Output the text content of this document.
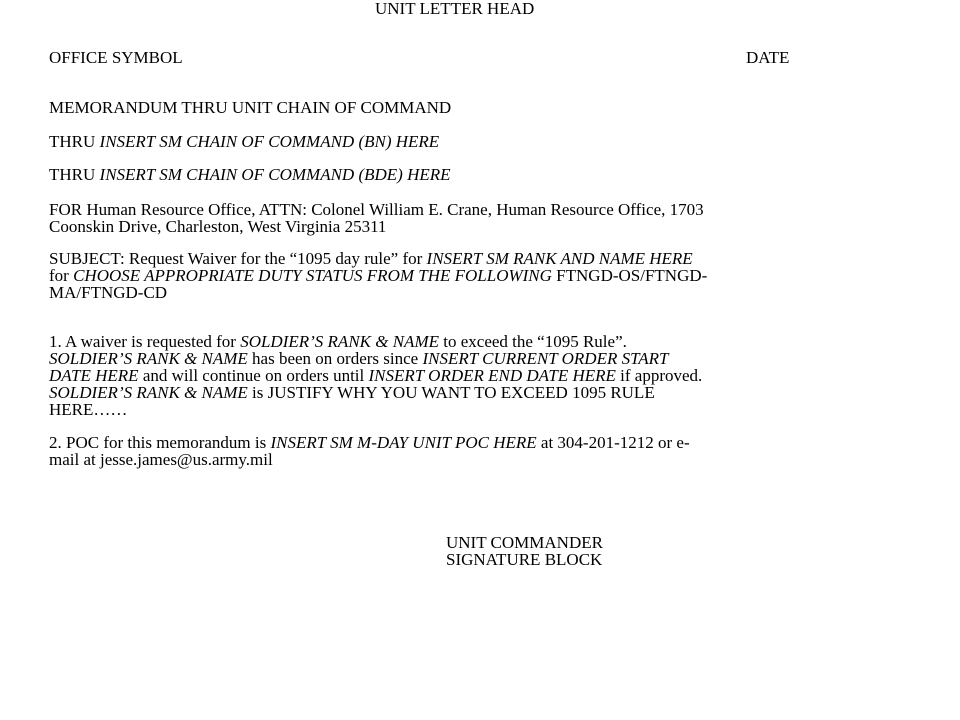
UNIT LETTER HEAD

OFFICE SYMBOL	DATE

MEMORANDUM THRU UNIT CHAIN OF COMMAND

THRU INSERT SM CHAIN OF COMMAND (BN) HERE

THRU INSERT SM CHAIN OF COMMAND (BDE) HERE

FOR Human Resource Office, ATTN: Colonel William E. Crane, Human Resource Office, 1703

Coonskin Drive, Charleston, West Virginia 25311

SUBJECT: Request Waiver for the “1095 day rule” for INSERT SM RANK AND NAME HERE

for CHOOSE APPROPRIATE DUTY STATUS FROM THE FOLLOWING FTNGD-OS/FTNGD-

MA/FTNGD-CD

1. A waiver is requested for SOLDIER’S RANK & NAME to exceed the “1095 Rule”.

SOLDIER’S RANK & NAME has been on orders since INSERT CURRENT ORDER START

DATE HERE and will continue on orders until INSERT ORDER END DATE HERE if approved.

SOLDIER’S RANK & NAME is JUSTIFY WHY YOU WANT TO EXCEED 1095 RULE

HERE……

2. POC for this memorandum is INSERT SM M-DAY UNIT POC HERE at 304-201-1212 or e-

mail at jesse.james@us.army.mil

UNIT COMMANDER

SIGNATURE BLOCK
